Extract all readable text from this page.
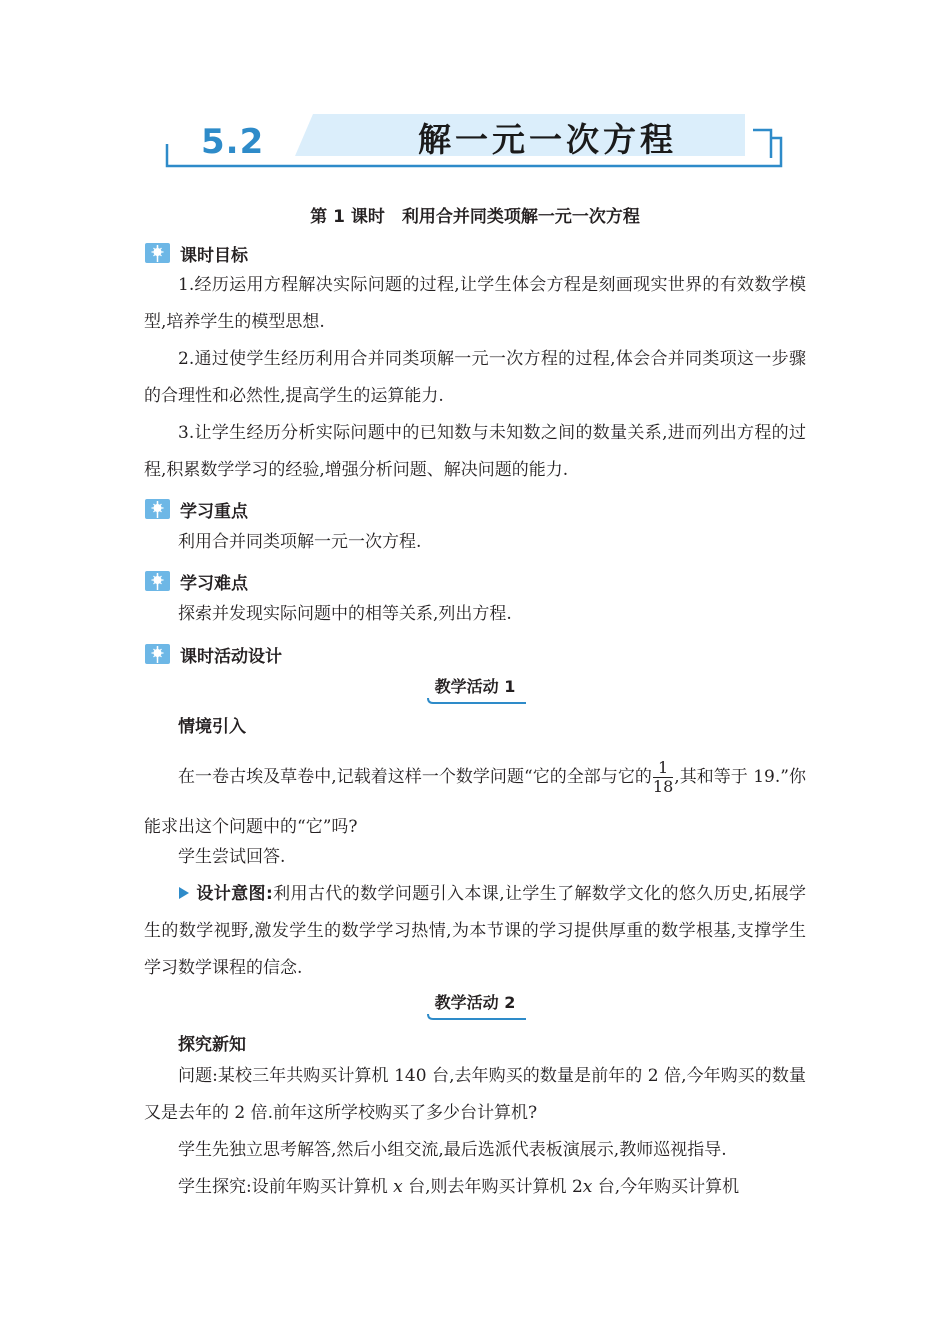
5.2	解一元一次方程
第 1 课时　利用合并同类项解一元一次方程
课时目标

1.经历运用方程解决实际问题的过程,让学生体会方程是刻画现实世界的有效数学模型,培养学生的模型思想.

2.通过使学生经历利用合并同类项解一元一次方程的过程,体会合并同类项这一步骤的合理性和必然性,提高学生的运算能力.

3.让学生经历分析实际问题中的已知数与未知数之间的数量关系,进而列出方程的过程,积累数学学习的经验,增强分析问题、解决问题的能力.

学习重点

利用合并同类项解一元一次方程.

学习难点

探索并发现实际问题中的相等关系,列出方程.

课时活动设计
教学活动 1
情境引入

在一卷古埃及草卷中,记载着这样一个数学问题“它的全部与它的 $\frac{1}{18}$ ,其和等于 19.”你能求出这个问题中的“它”吗?

学生尝试回答.

设计意图:利用古代的数学问题引入本课,让学生了解数学文化的悠久历史,拓展学生的数学视野,激发学生的数学学习热情,为本节课的学习提供厚重的数学根基,支撑学生学习数学课程的信念.

教学活动 2
探究新知

问题:某校三年共购买计算机 140 台,去年购买的数量是前年的 2 倍,今年购买的数量又是去年的 2 倍.前年这所学校购买了多少台计算机?

学生先独立思考解答,然后小组交流,最后选派代表板演展示,教师巡视指导.

学生探究:设前年购买计算机 x 台,则去年购买计算机 2x 台,今年购买计算机
